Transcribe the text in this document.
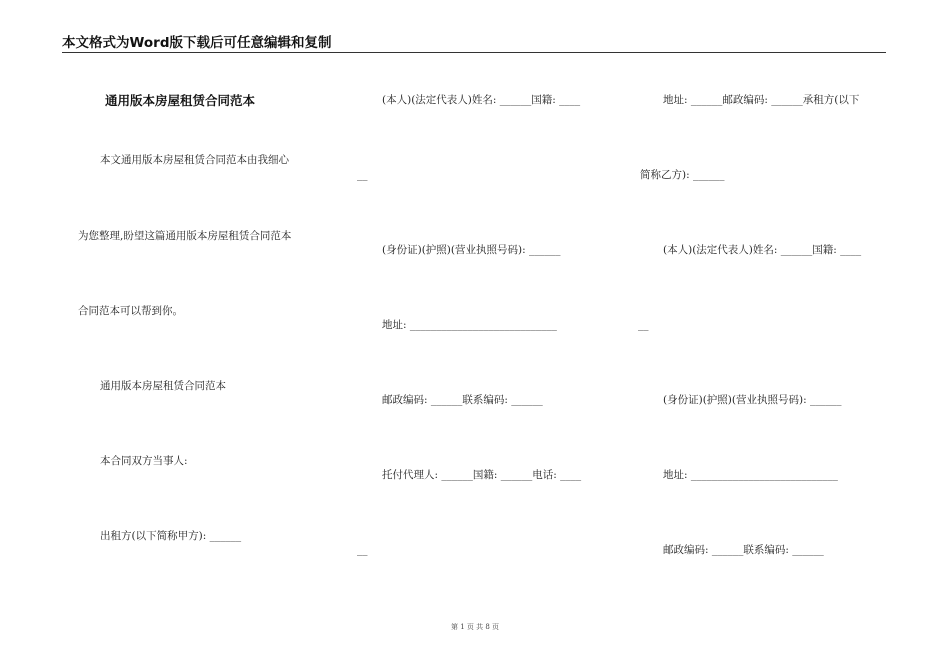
本文格式为Word版下载后可任意编辑和复制
通用版本房屋租赁合同范本
本文通用版本房屋租赁合同范本由我细心
为您整理,盼望这篇通用版本房屋租赁合同范本
合同范本可以帮到你。
通用版本房屋租赁合同范本
本合同双方当事人:
出租方(以下简称甲方): ______
(本人)(法定代表人)姓名: ______国籍: ____
__
(身份证)(护照)(营业执照号码): ______
地址: ____________________________
邮政编码: ______联系编码: ______
托付代理人: ______国籍: ______电话: ____
__
地址: ______邮政编码: ______承租方(以下
简称乙方): ______
(本人)(法定代表人)姓名: ______国籍: ____
__
(身份证)(护照)(营业执照号码): ______
地址: ____________________________
邮政编码: ______联系编码: ______
第 1 页 共 8 页
